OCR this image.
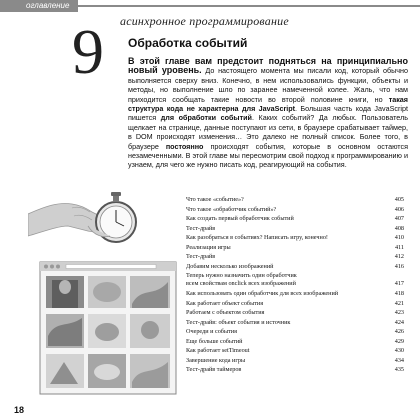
оглавление
асинхронное программирование
9 Обработка событий
В этой главе вам предстоит подняться на принципиально новый уровень. До настоящего момента мы писали код, который обычно выполняется сверху вниз. Конечно, в нем использовались функции, объекты и методы, но выполнение шло по заранее намеченной колее. Жаль, что нам приходится сообщать такие новости во второй половине книги, но такая структура кода не характерна для JavaScript. Большая часть кода JavaScript пишется для обработки событий. Каких событий? Да любых. Пользователь щелкает на странице, данные поступают из сети, в браузере срабатывает таймер, в DOM происходят изменения… Это далеко не полный список. Более того, в браузере постоянно происходят события, которые в основном остаются незамеченными. В этой главе мы пересмотрим свой подход к программированию и узнаем, для чего же нужно писать код, реагирующий на события.
Что такое «событие»?	405
Что такое «обработчик событий»?	406
Как создать первый обработчик событий	407
Тест-драйв	408
Как разобраться в событиях? Написать игру, конечно!	410
Реализация игры	411
Тест-драйв	412
Добавим несколько изображений	416
Теперь нужно назначить один обработчик
всем свойствам onclick всех изображений	417
Как использовать один обработчик для всех изображений	418
Как работает объект события	421
Работаем с объектом события	423
Тест-драйв: объект события и источник	424
Очереди и события	426
Еще больше событий	429
Как работает setTimeout	430
Завершение кода игры	434
Тест-драйв таймеров	435
18
